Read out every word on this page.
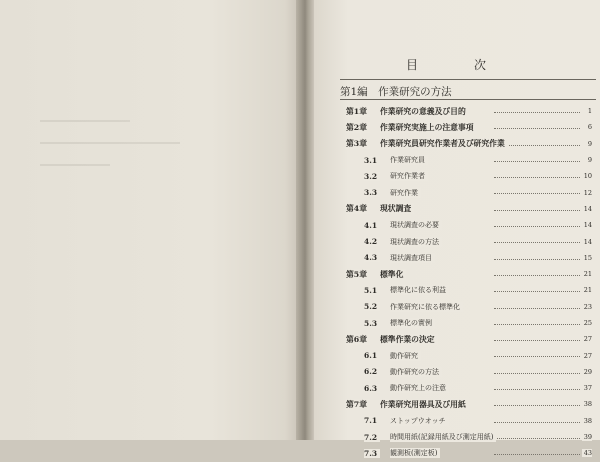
目　次
第1編　作業研究の方法
第1章	作業研究の意義及び目的	1
第2章	作業研究実施上の注意事項	6
第3章	作業研究員研究作業者及び研究作業	9
3.1	作業研究員	9
3.2	研究作業者	10
3.3	研究作業	12
第4章	現状調査	14
4.1	現状調査の必要	14
4.2	現状調査の方法	14
4.3	現状調査項目	15
第5章	標準化	21
5.1	標準化に依る利益	21
5.2	作業研究に依る標準化	23
5.3	標準化の實例	25
第6章	標準作業の決定	27
6.1	動作研究	27
6.2	動作研究の方法	29
6.3	動作研究上の注意	37
第7章	作業研究用器具及び用紙	38
7.1	ストップウオッチ	38
7.2	時間用紙(記録用紙及び測定用紙)	39
7.3	観測板(測定板)	43
